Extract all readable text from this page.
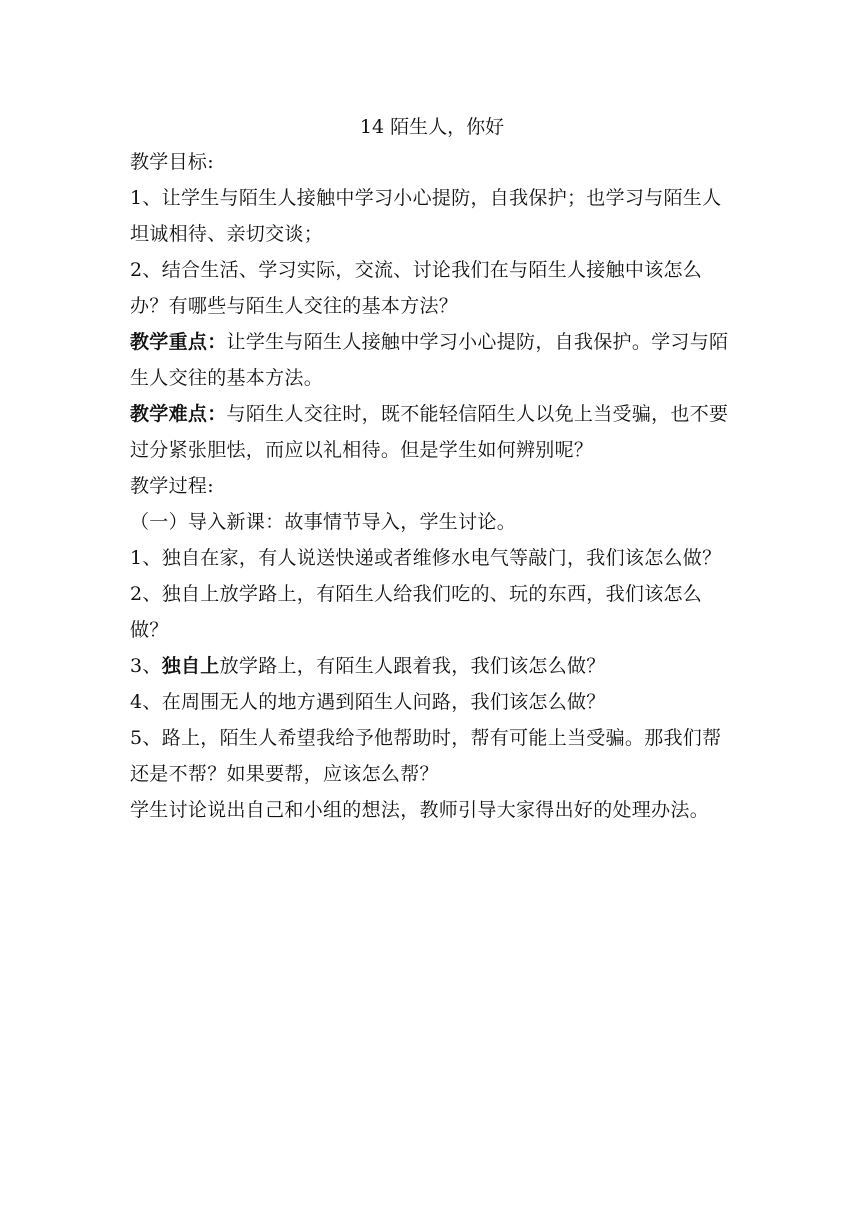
14 陌生人，你好

教学目标:

1、让学生与陌生人接触中学习小心提防，自我保护；也学习与陌生人坦诚相待、亲切交谈；

2、结合生活、学习实际，交流、讨论我们在与陌生人接触中该怎么办？有哪些与陌生人交往的基本方法？

教学重点：让学生与陌生人接触中学习小心提防，自我保护。学习与陌生人交往的基本方法。

教学难点：与陌生人交往时，既不能轻信陌生人以免上当受骗，也不要过分紧张胆怯，而应以礼相待。但是学生如何辨别呢？

教学过程:

（一）导入新课：故事情节导入，学生讨论。

1、独自在家，有人说送快递或者维修水电气等敲门，我们该怎么做？

2、独自上放学路上，有陌生人给我们吃的、玩的东西，我们该怎么做？

3、独自上放学路上，有陌生人跟着我，我们该怎么做？

4、在周围无人的地方遇到陌生人问路，我们该怎么做？

5、路上，陌生人希望我给予他帮助时，帮有可能上当受骗。那我们帮还是不帮？如果要帮，应该怎么帮？

学生讨论说出自己和小组的想法，教师引导大家得出好的处理办法。
